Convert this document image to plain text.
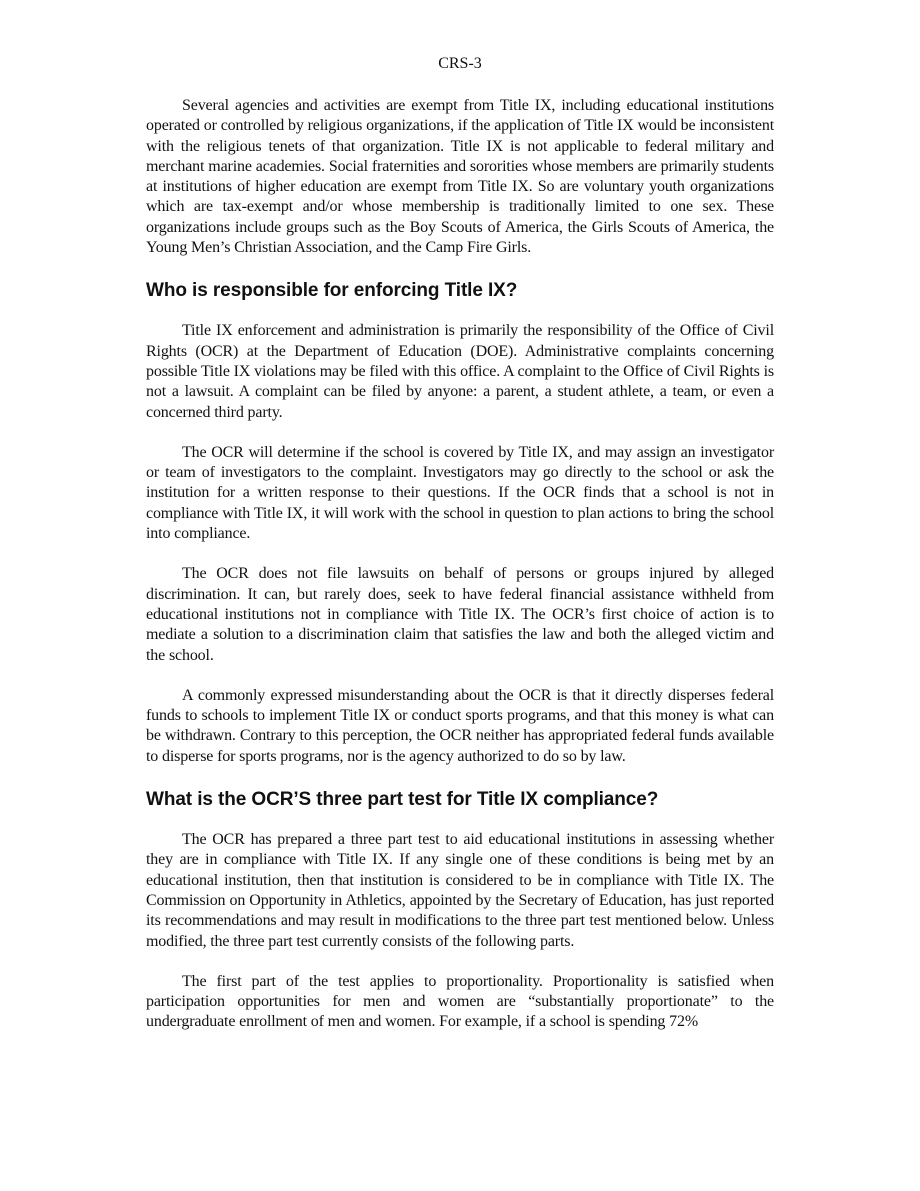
CRS-3

Several agencies and activities are exempt from Title IX, including educational institutions operated or controlled by religious organizations, if the application of Title IX would be inconsistent with the religious tenets of that organization. Title IX is not applicable to federal military and merchant marine academies. Social fraternities and sororities whose members are primarily students at institutions of higher education are exempt from Title IX. So are voluntary youth organizations which are tax-exempt and/or whose membership is traditionally limited to one sex. These organizations include groups such as the Boy Scouts of America, the Girls Scouts of America, the Young Men’s Christian Association, and the Camp Fire Girls.

Who is responsible for enforcing Title IX?

Title IX enforcement and administration is primarily the responsibility of the Office of Civil Rights (OCR) at the Department of Education (DOE). Administrative complaints concerning possible Title IX violations may be filed with this office. A complaint to the Office of Civil Rights is not a lawsuit. A complaint can be filed by anyone: a parent, a student athlete, a team, or even a concerned third party.

The OCR will determine if the school is covered by Title IX, and may assign an investigator or team of investigators to the complaint. Investigators may go directly to the school or ask the institution for a written response to their questions. If the OCR finds that a school is not in compliance with Title IX, it will work with the school in question to plan actions to bring the school into compliance.

The OCR does not file lawsuits on behalf of persons or groups injured by alleged discrimination. It can, but rarely does, seek to have federal financial assistance withheld from educational institutions not in compliance with Title IX. The OCR’s first choice of action is to mediate a solution to a discrimination claim that satisfies the law and both the alleged victim and the school.

A commonly expressed misunderstanding about the OCR is that it directly disperses federal funds to schools to implement Title IX or conduct sports programs, and that this money is what can be withdrawn. Contrary to this perception, the OCR neither has appropriated federal funds available to disperse for sports programs, nor is the agency authorized to do so by law.

What is the OCR’S three part test for Title IX compliance?

The OCR has prepared a three part test to aid educational institutions in assessing whether they are in compliance with Title IX. If any single one of these conditions is being met by an educational institution, then that institution is considered to be in compliance with Title IX. The Commission on Opportunity in Athletics, appointed by the Secretary of Education, has just reported its recommendations and may result in modifications to the three part test mentioned below. Unless modified, the three part test currently consists of the following parts.

The first part of the test applies to proportionality. Proportionality is satisfied when participation opportunities for men and women are “substantially proportionate” to the undergraduate enrollment of men and women. For example, if a school is spending 72%
